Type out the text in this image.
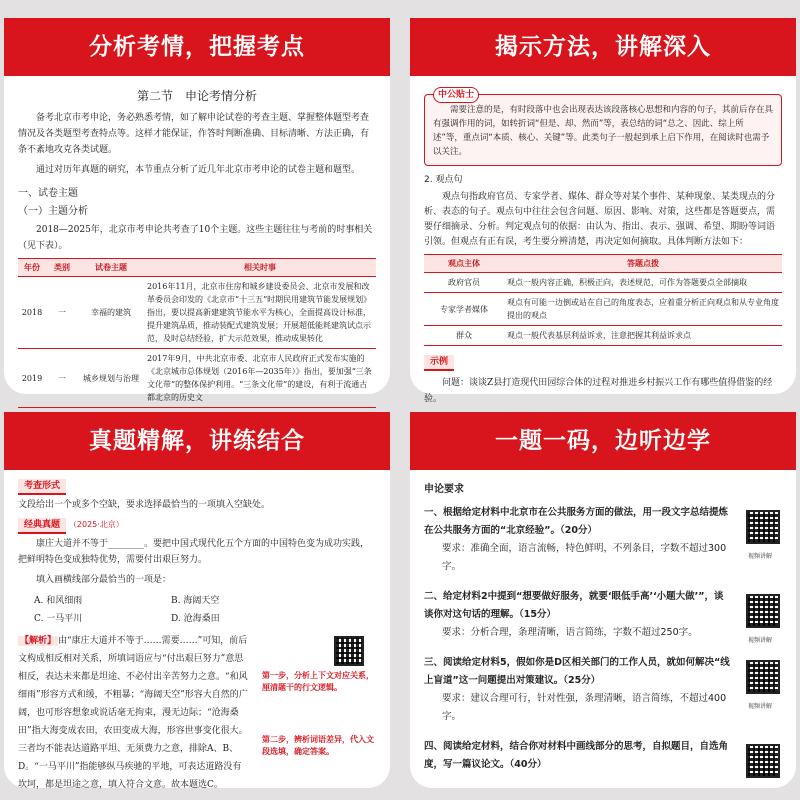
分析考情，把握考点
第二节　申论考情分析

备考北京市考申论，务必熟悉考情，如了解申论试卷的考查主题、掌握整体题型考查情况及各类题型考查特点等。这样才能保证，作答时判断准确、目标清晰、方法正确，有条不紊地攻克各类试题。

通过对历年真题的研究，本节重点分析了近几年北京市考申论的试卷主题和题型。

一、试卷主题
（一）主题分析

2018—2025年，北京市考申论共考查了10个主题。这些主题往往与考前的时事相关（见下表）。

年份	类别	试卷主题	相关时事
2018	一	幸福的建筑	2016年11月，北京市住房和城乡建设委员会、北京市发展和改革委员会印发的《北京市“十三五”时期民用建筑节能发展规划》指出，要以提高新建建筑节能水平为核心，全面提高设计标准，提升建筑品质，推动装配式建筑发展；开展超低能耗建筑试点示范，及时总结经验，扩大示范效果，推动成果转化
2019	一	城乡规划与治理	2017年9月，中共北京市委、北京市人民政府正式发布实施的《北京城市总体规划（2016年—2035年）》指出，要加强“三条文化带”的整体保护利用。“三条文化带”的建设，有利于流通古都北京的历史文
揭示方法，讲解深入
中公贴士

需要注意的是，有时段落中也会出现表达该段落核心思想和内容的句子，其前后存在具有强调作用的词，如转折词“但是、却、然而”等，表总结的词“总之、因此、综上所述”等，重点词“本质、核心、关键”等。此类句子一般起到承上启下作用，在阅读时也需予以关注。

2. 观点句

观点句指政府官员、专家学者、媒体、群众等对某个事件、某种现象、某类现点的分析、表态的句子。观点句中往往会包含问题、原因、影响、对策，这些都是答题要点，需要仔细摘录、分析。判定观点句的依据：由认为、指出、表示、强调、希望、期盼等词语引领。但观点有正有误，考生要分辨清楚，再决定如何摘取。具体判断方法如下：

观点主体	答题点拨
政府官员	观点一般内容正确，积极正向，表述规范，可作为答题要点全部摘取
专家学者媒体	观点有可能一边倒或站在自己的角度表态，应着重分析正向观点和从专业角度提出的观点
群众	观点一般代表基层利益诉求，注意把握其利益诉求点
示例

问题：谈谈Z县打造现代田园综合体的过程对推进乡村振兴工作有哪些值得借鉴的经验。

真题精解，讲练结合
考查形式

文段给出一个或多个空缺，要求选择最恰当的一项填入空缺处。

经典真题 （2025·北京）

康庄大道并不等于________。要把中国式现代化五个方面的中国特色变为成功实践，把鲜明特色变成独特优势，需要付出艰巨努力。

填入画横线部分最恰当的一项是：

A. 和风细雨	B. 海阔天空
C. 一马平川	D. 沧海桑田

【解析】 由“康庄大道并不等于……需要……”可知，前后文构成相反相对关系，所填词语应与“付出艰巨努力”意思相反，表达未来都是坦途、不必付出辛苦努力之意。“和风细雨”形容方式和缓，不粗暴；“海阔天空”形容大自然的广阔，也可形容想象或说话毫无拘束，漫无边际；“沧海桑田”指大海变成农田，农田变成大海，形容世事变化很大。三者均不能表达道路平坦、无须费力之意，排除A、B、D。“一马平川”指能够纵马疾驰的平地，可表达道路没有坎坷，都是坦途之意，填入符合文意。故本题选C。

第一步，分析上下文对应关系，厘清题干的行文逻辑。
第二步，辨析词语差异，代入文段选填，确定答案。
一题一码，边听边学
申论要求
一、根据给定材料中北京市在公共服务方面的做法，用一段文字总结提炼在公共服务方面的“北京经验”。（20分）
要求：准确全面，语言流畅，特色鲜明，不列条目，字数不超过300字。
视频讲解
二、给定材料2中提到“想要做好服务，就要‘眼低手高’‘小题大做’”，谈谈你对这句话的理解。（15分）
要求：分析合理，条理清晰，语言简练，字数不超过250字。
视频讲解
三、阅读给定材料5，假如你是D区相关部门的工作人员，就如何解决“线上盲道”这一问题提出对策建议。（25分）
要求：建议合理可行，针对性强，条理清晰，语言简练，不超过400字。
视频讲解
四、阅读给定材料，结合你对材料中画线部分的思考，自拟题目，自选角度，写一篇议论文。（40分）
